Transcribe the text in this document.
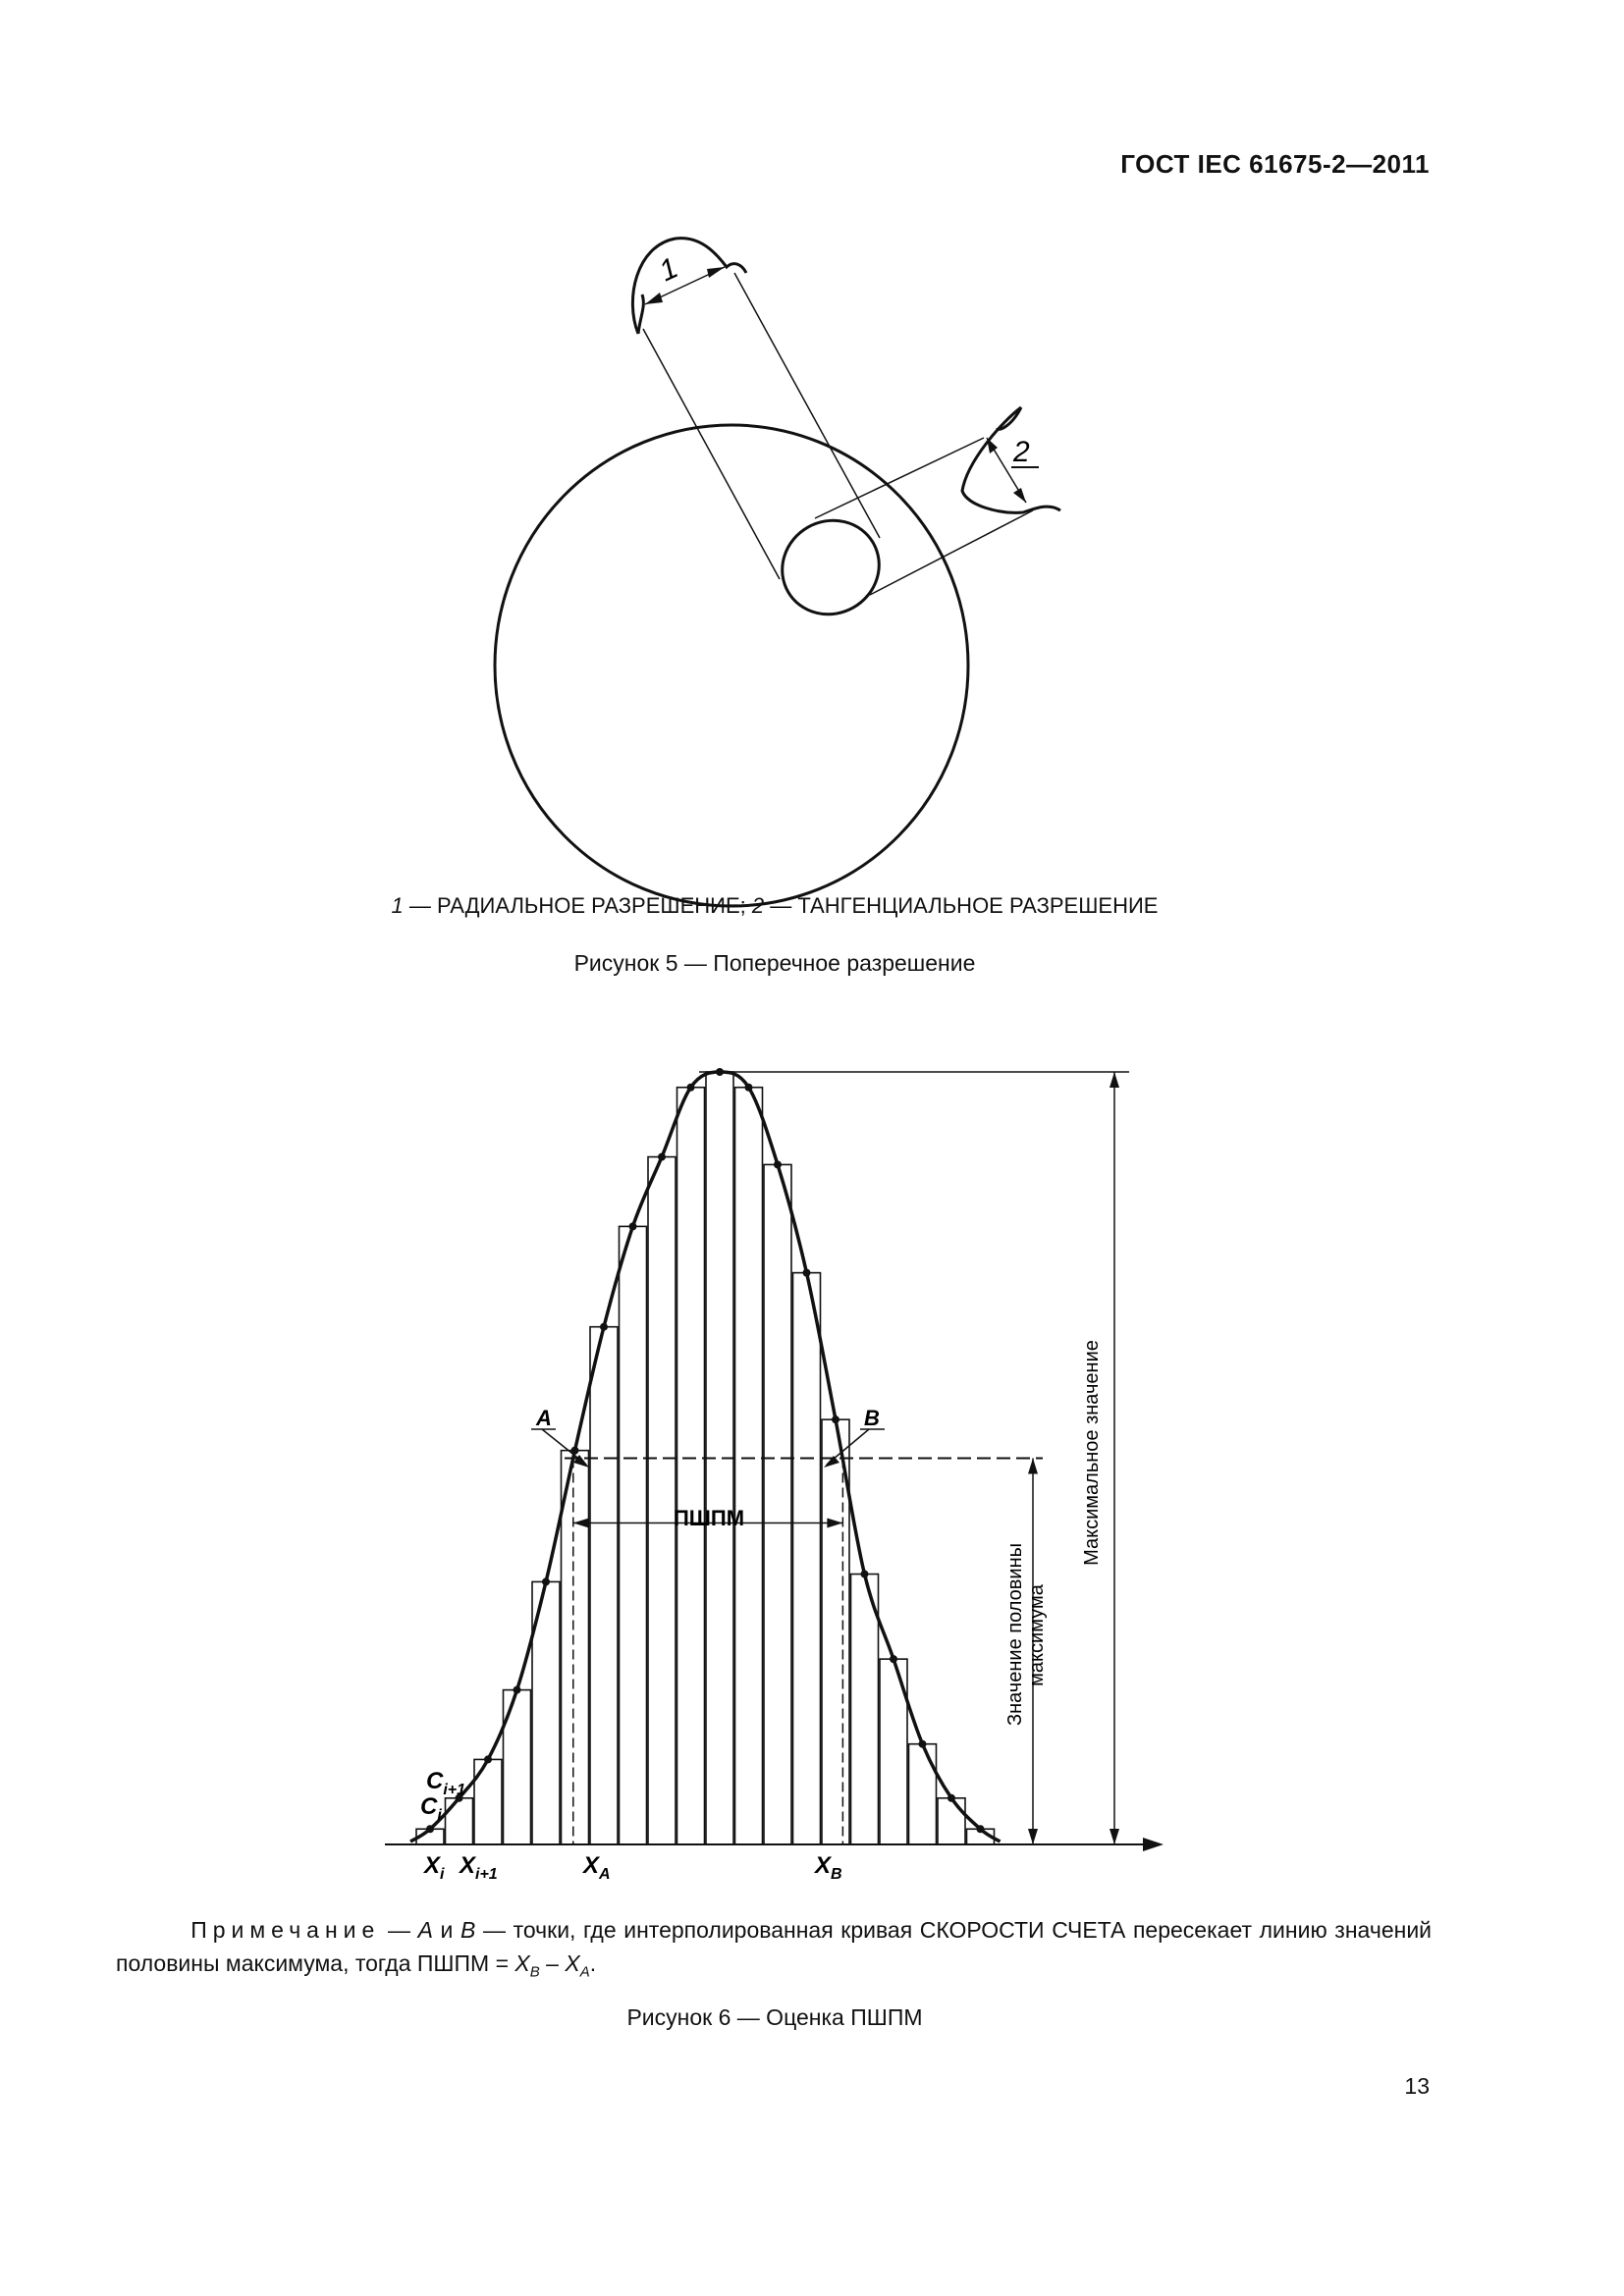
ГОСТ IEC 61675-2—2011
1
2
1 — РАДИАЛЬНОЕ РАЗРЕШЕНИЕ; 2 — ТАНГЕНЦИАЛЬНОЕ РАЗРЕШЕНИЕ
Рисунок 5 — Поперечное разрешение
A	B
ПШПМ
Значение половины максимума
Максимальное значение
$C_{i+1}$
$C_i$
$X_i$ $X_{i+1}$	$X_A$	$X_B$
Примечание — A и B — точки, где интерполированная кривая СКОРОСТИ СЧЕТА пересекает линию значений половины максимума, тогда ПШПМ = $X_B - X_A$.
Рисунок 6 — Оценка ПШПМ
13
